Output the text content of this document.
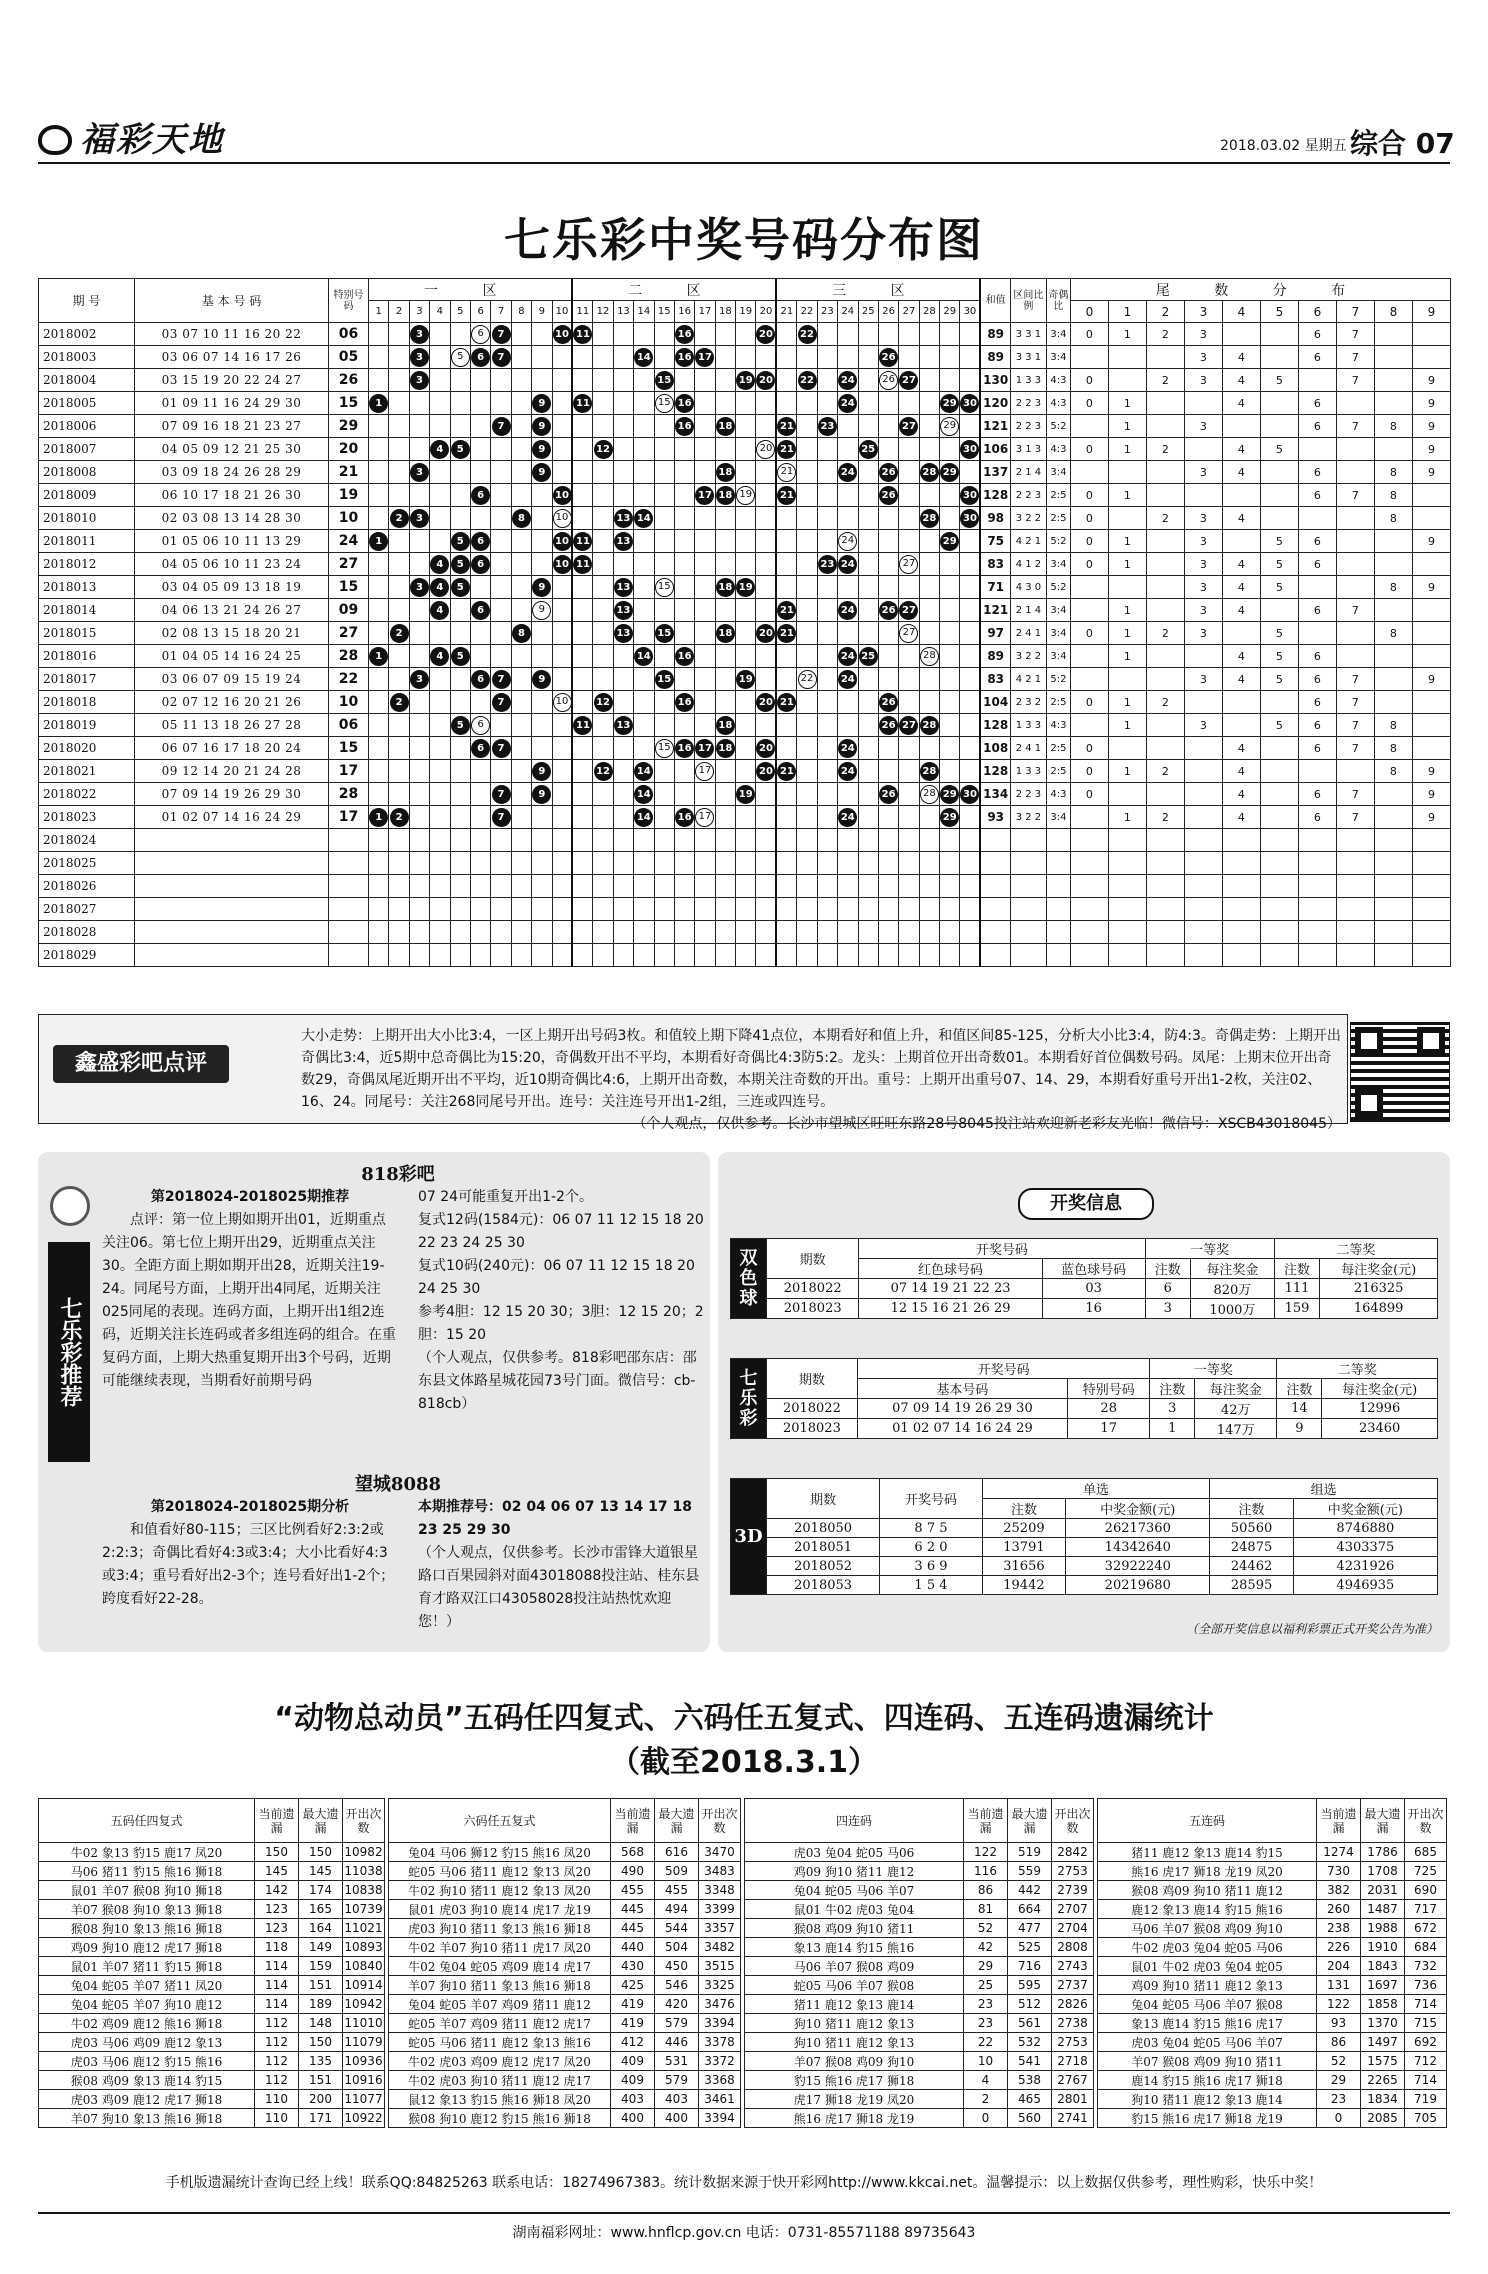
福彩天地	2018.03.02 星期五 综合 07
七乐彩中奖号码分布图
期 号	基 本 号 码	特别号码	一 区										二 区										三 区										和值	区间比例	奇偶比	尾 数 分 布									
			1	2	3	4	5	6	7	8	9	10	11	12	13	14	15	16	17	18	19	20	21	22	23	24	25	26	27	28	29	30				0	1	2	3	4	5	6	7	8	9
2018002	03 07 10 11 16 20 22	06			3			6	7			10	11					16				20		22									89	3 3 1	3:4	0	1	2	3			6	7		
2018003	03 06 07 14 16 17 26	05			3		5	6	7							14		16	17									26					89	3 3 1	3:4				3	4		6	7		
2018004	03 15 19 20 22 24 27	26			3												15				19	20		22		24		26	27				130	1 3 3	4:3	0		2	3	4	5		7		9
2018005	01 09 11 16 24 29 30	15	1								9		11				15	16								24					29	30	120	2 2 3	4:3	0	1			4		6			9
2018006	07 09 16 18 21 23 27	29							7		9							16		18			21		23				27		29		121	2 2 3	5:2		1		3			6	7	8	9
2018007	04 05 09 12 21 25 30	20				4	5				9			12								20	21				25					30	106	3 1 3	4:3	0	1	2		4	5				9
2018008	03 09 18 24 26 28 29	21			3						9									18			21			24		26		28	29		137	2 1 4	3:4				3	4		6		8	9
2018009	06 10 17 18 21 26 30	19						6				10							17	18	19		21					26				30	128	2 2 3	2:5	0	1					6	7	8	
2018010	02 03 08 13 14 28 30	10		2	3					8		10			13	14														28		30	98	3 2 2	2:5	0		2	3	4				8	
2018011	01 05 06 10 11 13 29	24	1				5	6				10	11		13											24					29		75	4 2 1	5:2	0	1		3		5	6			9
2018012	04 05 06 10 11 23 24	27				4	5	6				10	11												23	24			27				83	4 1 2	3:4	0	1		3	4	5	6			
2018013	03 04 05 09 13 18 19	15			3	4	5				9				13		15			18	19												71	4 3 0	5:2				3	4	5			8	9
2018014	04 06 13 21 24 26 27	09				4		6			9				13								21			24		26	27				121	2 1 4	3:4		1		3	4		6	7		
2018015	02 08 13 15 18 20 21	27		2						8					13		15			18		20	21						27				97	2 4 1	3:4	0	1	2	3		5			8	
2018016	01 04 05 14 16 24 25	28	1			4	5									14		16								24	25			28			89	3 2 2	3:4		1			4	5	6			
2018017	03 06 07 09 15 19 24	22			3			6	7		9						15				19			22		24							83	4 2 1	5:2				3	4	5	6	7		9
2018018	02 07 12 16 20 21 26	10		2					7			10		12				16				20	21					26					104	2 3 2	2:5	0	1	2				6	7		
2018019	05 11 13 18 26 27 28	06					5	6					11		13					18								26	27	28			128	1 3 3	4:3		1		3		5	6	7	8	
2018020	06 07 16 17 18 20 24	15						6	7								15	16	17	18		20				24							108	2 4 1	2:5	0				4		6	7	8	
2018021	09 12 14 20 21 24 28	17									9			12		14			17			20	21			24				28			128	1 3 3	2:5	0	1	2		4				8	9
2018022	07 09 14 19 26 29 30	28							7		9					14					19							26		28	29	30	134	2 2 3	4:3	0				4		6	7		9
2018023	01 02 07 14 16 24 29	17	1	2					7							14		16	17							24					29		93	3 2 2	3:4		1	2		4		6	7		9
2018024																																													
2018025																																													
2018026																																													
2018027																																													
2018028																																													
2018029																																													
鑫盛彩吧点评
大小走势：上期开出大小比3:4，一区上期开出号码3枚。和值较上期下降41点位，本期看好和值上升，和值区间85-125，分析大小比3:4，防4:3。奇偶走势：上期开出奇偶比3:4，近5期中总奇偶比为15:20，奇偶数开出不平均，本期看好奇偶比4:3防5:2。龙头：上期首位开出奇数01。本期看好首位偶数号码。凤尾：上期末位开出奇数29，奇偶凤尾近期开出不平均，近10期奇偶比4:6，上期开出奇数，本期关注奇数的开出。重号：上期开出重号07、14、29，本期看好重号开出1-2枚，关注02、16、24。同尾号：关注268同尾号开出。连号：关注连号开出1-2组，三连或四连号。

（个人观点，仅供参考。长沙市望城区旺旺东路28号8045投注站欢迎新老彩友光临！微信号：XSCB43018045）
七乐彩推荐
818彩吧
第2018024-2018025期推荐
点评：第一位上期如期开出01，近期重点关注06。第七位上期开出29，近期重点关注30。全距方面上期如期开出28，近期关注19-24。同尾号方面，上期开出4同尾，近期关注025同尾的表现。连码方面，上期开出1组2连码，近期关注长连码或者多组连码的组合。在重复码方面，上期大热重复期开出3个号码，近期可能继续表现，当期看好前期号码
07 24可能重复开出1-2个。
复式12码(1584元)：06 07 11 12 15 18 20 22 23 24 25 30
复式10码(240元)：06 07 11 12 15 18 20 24 25 30
参考4胆：12 15 20 30；3胆：12 15 20；2胆：15 20
（个人观点，仅供参考。818彩吧邵东店：邵东县文体路星城花园73号门面。微信号：cb-818cb）
望城8088
第2018024-2018025期分析
和值看好80-115；三区比例看好2:3:2或2:2:3；奇偶比看好4:3或3:4；大小比看好4:3或3:4；重号看好出2-3个；连号看好出1-2个；跨度看好22-28。
本期推荐号：02 04 06 07 13 14 17 18 23 25 29 30
（个人观点，仅供参考。长沙市雷锋大道银星路口百果园斜对面43018088投注站、桂东县育才路双江口43058028投注站热忱欢迎您！）
开奖信息
双色球	期数	开奖号码		一等奖		二等奖	
		红色球号码	蓝色球号码	注数	每注奖金	注数	每注奖金(元)
	2018022	07 14 19 21 22 23	03	6	820万	111	216325
	2018023	12 15 16 21 26 29	16	3	1000万	159	164899
七乐彩	期数	开奖号码		一等奖		二等奖	
		基本号码	特别号码	注数	每注奖金	注数	每注奖金(元)
	2018022	07 09 14 19 26 29 30	28	3	42万	14	12996
	2018023	01 02 07 14 16 24 29	17	1	147万	9	23460
3D	期数	开奖号码	单选		组选	
			注数	中奖金额(元)	注数	中奖金额(元)
	2018050	8 7 5	25209	26217360	50560	8746880
	2018051	6 2 0	13791	14342640	24875	4303375
	2018052	3 6 9	31656	32922240	24462	4231926
	2018053	1 5 4	19442	20219680	28595	4946935
（全部开奖信息以福利彩票正式开奖公告为准）
“动物总动员”五码任四复式、六码任五复式、四连码、五连码遗漏统计
（截至2018.3.1）
五码任四复式	当前遗漏	最大遗漏	开出次数
牛02 象13 豹15 鹿17 凤20	150	150	10982
马06 猪11 豹15 熊16 狮18	145	145	11038
鼠01 羊07 猴08 狗10 狮18	142	174	10838
羊07 猴08 狗10 象13 狮18	123	165	10739
猴08 狗10 象13 熊16 狮18	123	164	11021
鸡09 狗10 鹿12 虎17 狮18	118	149	10893
鼠01 羊07 猪11 豹15 狮18	114	159	10840
兔04 蛇05 羊07 猪11 凤20	114	151	10914
兔04 蛇05 羊07 狗10 鹿12	114	189	10942
牛02 鸡09 鹿12 熊16 狮18	112	148	11010
虎03 马06 鸡09 鹿12 象13	112	150	11079
虎03 马06 鹿12 豹15 熊16	112	135	10936
猴08 鸡09 象13 鹿14 豹15	112	151	10916
虎03 鸡09 鹿12 虎17 狮18	110	200	11077
羊07 狗10 象13 熊16 狮18	110	171	10922
六码任五复式	当前遗漏	最大遗漏	开出次数
兔04 马06 狮12 豹15 熊16 凤20	568	616	3470
蛇05 马06 猪11 鹿12 象13 凤20	490	509	3483
牛02 狗10 猪11 鹿12 象13 凤20	455	455	3348
鼠01 虎03 狗10 鹿14 虎17 龙19	445	494	3399
虎03 狗10 猪11 象13 熊16 狮18	445	544	3357
牛02 羊07 狗10 猪11 虎17 凤20	440	504	3482
牛02 兔04 蛇05 鸡09 鹿14 虎17	430	450	3515
羊07 狗10 猪11 象13 熊16 狮18	425	546	3325
兔04 蛇05 羊07 鸡09 猪11 鹿12	419	420	3476
蛇05 羊07 鸡09 猪11 鹿12 虎17	419	579	3394
蛇05 马06 猪11 鹿12 象13 熊16	412	446	3378
牛02 虎03 鸡09 鹿12 虎17 凤20	409	531	3372
牛02 虎03 狗10 猪11 鹿12 虎17	409	579	3368
鼠12 象13 豹15 熊16 狮18 凤20	403	403	3461
猴08 狗10 鹿12 豹15 熊16 狮18	400	400	3394
四连码	当前遗漏	最大遗漏	开出次数
虎03 兔04 蛇05 马06	122	519	2842
鸡09 狗10 猪11 鹿12	116	559	2753
兔04 蛇05 马06 羊07	86	442	2739
鼠01 牛02 虎03 兔04	81	664	2707
猴08 鸡09 狗10 猪11	52	477	2704
象13 鹿14 豹15 熊16	42	525	2808
马06 羊07 猴08 鸡09	29	716	2743
蛇05 马06 羊07 猴08	25	595	2737
猪11 鹿12 象13 鹿14	23	512	2826
狗10 猪11 鹿12 象13	23	561	2738
狗10 猪11 鹿12 象13	22	532	2753
羊07 猴08 鸡09 狗10	10	541	2718
豹15 熊16 虎17 狮18	4	538	2767
虎17 狮18 龙19 凤20	2	465	2801
熊16 虎17 狮18 龙19	0	560	2741
五连码	当前遗漏	最大遗漏	开出次数
猪11 鹿12 象13 鹿14 豹15	1274	1786	685
熊16 虎17 狮18 龙19 凤20	730	1708	725
猴08 鸡09 狗10 猪11 鹿12	382	2031	690
鹿12 象13 鹿14 豹15 熊16	260	1487	717
马06 羊07 猴08 鸡09 狗10	238	1988	672
牛02 虎03 兔04 蛇05 马06	226	1910	684
鼠01 牛02 虎03 兔04 蛇05	204	1843	732
鸡09 狗10 猪11 鹿12 象13	131	1697	736
兔04 蛇05 马06 羊07 猴08	122	1858	714
象13 鹿14 豹15 熊16 虎17	93	1370	715
虎03 兔04 蛇05 马06 羊07	86	1497	692
羊07 猴08 鸡09 狗10 猪11	52	1575	712
鹿14 豹15 熊16 虎17 狮18	29	2265	714
狗10 猪11 鹿12 象13 鹿14	23	1834	719
豹15 熊16 虎17 狮18 龙19	0	2085	705
手机版遗漏统计查询已经上线！联系QQ:84825263 联系电话：18274967383。统计数据来源于快开彩网http://www.kkcai.net。温馨提示：以上数据仅供参考，理性购彩，快乐中奖！
湖南福彩网址：www.hnflcp.gov.cn 电话：0731-85571188 89735643
